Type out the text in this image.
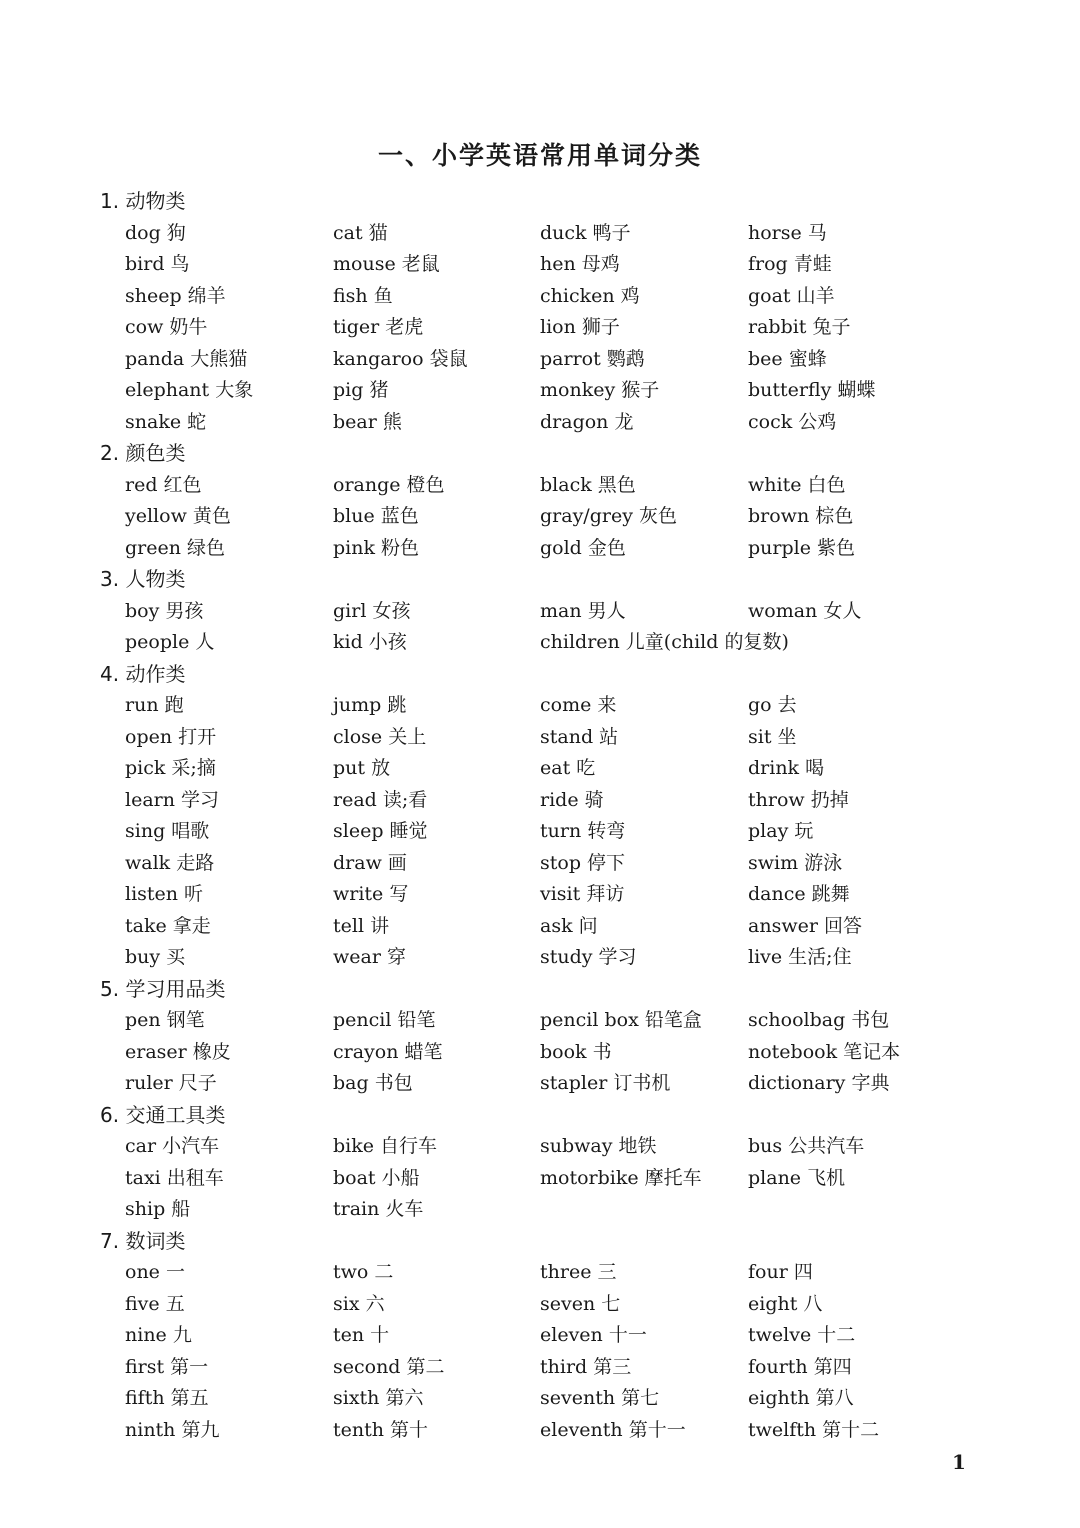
一、小学英语常用单词分类
1. 动物类
dog 狗	cat 猫	duck 鸭子	horse 马
bird 鸟	mouse 老鼠	hen 母鸡	frog 青蛙
sheep 绵羊	fish 鱼	chicken 鸡	goat 山羊
cow 奶牛	tiger 老虎	lion 狮子	rabbit 兔子
panda 大熊猫	kangaroo 袋鼠	parrot 鹦鹉	bee 蜜蜂
elephant 大象	pig 猪	monkey 猴子	butterfly 蝴蝶
snake 蛇	bear 熊	dragon 龙	cock 公鸡
2. 颜色类
red 红色	orange 橙色	black 黑色	white 白色
yellow 黄色	blue 蓝色	gray/grey 灰色	brown 棕色
green 绿色	pink 粉色	gold 金色	purple 紫色
3. 人物类
boy 男孩	girl 女孩	man 男人	woman 女人
people 人	kid 小孩	children 儿童(child 的复数)
4. 动作类
run 跑	jump 跳	come 来	go 去
open 打开	close 关上	stand 站	sit 坐
pick 采;摘	put 放	eat 吃	drink 喝
learn 学习	read 读;看	ride 骑	throw 扔掉
sing 唱歌	sleep 睡觉	turn 转弯	play 玩
walk 走路	draw 画	stop 停下	swim 游泳
listen 听	write 写	visit 拜访	dance 跳舞
take 拿走	tell 讲	ask 问	answer 回答
buy 买	wear 穿	study 学习	live 生活;住
5. 学习用品类
pen 钢笔	pencil 铅笔	pencil box 铅笔盒 schoolbag 书包
eraser 橡皮	crayon 蜡笔	book 书	notebook 笔记本
ruler 尺子	bag 书包	stapler 订书机	dictionary 字典
6. 交通工具类
car 小汽车	bike 自行车	subway 地铁	bus 公共汽车
taxi 出租车	boat 小船	motorbike 摩托车 plane 飞机
ship 船	train 火车
7. 数词类
one 一	two 二	three 三	four 四
five 五	six 六	seven 七	eight 八
nine 九	ten 十	eleven 十一	twelve 十二
first 第一	second 第二	third 第三	fourth 第四
fifth 第五	sixth 第六	seventh 第七	eighth 第八
ninth 第九	tenth 第十	eleventh 第十一	twelfth 第十二
1
